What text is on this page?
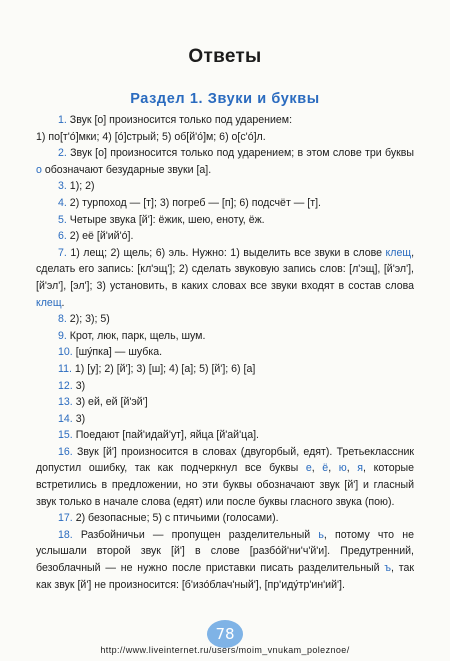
Ответы
Раздел 1. Звуки и буквы

1. Звук [о] произносится только под ударением:

1) по[т'о́]мки; 4) [о́]стрый; 5) об[й'о́]м; 6) о[с'о́]л.

2. Звук [о] произносится только под ударением; в этом слове три буквы о обозначают безударные звуки [а].

3. 1); 2)

4. 2) турпоход — [т]; 3) погреб — [п]; 6) подсчёт — [т].

5. Четыре звука [й']: ёжик, шею, еноту, ёж.

6. 2) её [й'ий'о́].

7. 1) лещ; 2) щель; 6) эль. Нужно: 1) выделить все звуки в слове клещ, сделать его запись: [кл'эщ']; 2) сделать звуковую запись слов: [л'эщ], [й'эл'], [й'эл'], [эл']; 3) установить, в каких словах все звуки входят в состав слова клещ.

8. 2); 3); 5)

9. Крот, люк, парк, щель, шум.

10. [шу́пка] — шубка.

11. 1) [у]; 2) [й']; 3) [ш]; 4) [а]; 5) [й']; 6) [а]

12. 3)

13. 3) ей, ей [й'эй']

14. 3)

15. Поедают [пай'идай'ут], яйца [й'ай'ца].

16. Звук [й'] произносится в словах (двугорбый, едят). Третьеклассник допустил ошибку, так как подчеркнул все буквы е, ё, ю, я, которые встретились в предложении, но эти буквы обозначают звук [й'] и гласный звук только в начале слова (едят) или после буквы гласного звука (пою).

17. 2) безопасные; 5) с птичьими (голосами).

18. Разбойничьи — пропущен разделительный ь, потому что не услышали второй звук [й'] в слове [разбо́й'ни'ч'й'и]. Предутренний, безоблачный — не нужно после приставки писать разделительный ъ, так как звук [й'] не произносится: [б'изо́блач'ный'], [пр'иду́тр'ин'ий'].

78
http://www.liveinternet.ru/users/moim_vnukam_poleznoe/
